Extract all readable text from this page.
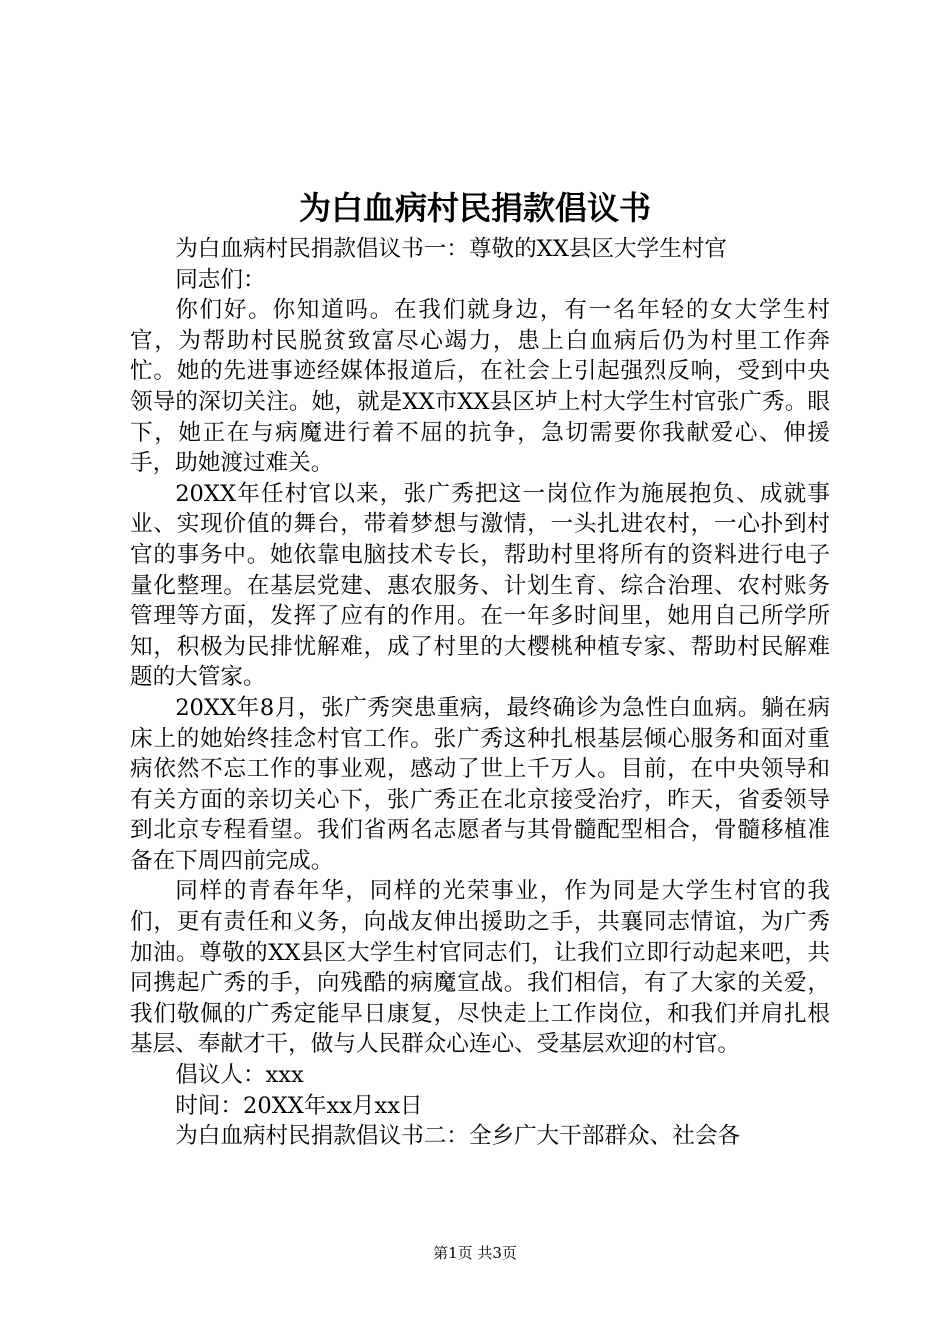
为白血病村民捐款倡议书

为白血病村民捐款倡议书一：尊敬的XX县区大学生村官

同志们：

你们好。你知道吗。在我们就身边，有一名年轻的女大学生村官，为帮助村民脱贫致富尽心竭力，患上白血病后仍为村里工作奔忙。她的先进事迹经媒体报道后，在社会上引起强烈反响，受到中央领导的深切关注。她，就是XX市XX县区垆上村大学生村官张广秀。眼下，她正在与病魔进行着不屈的抗争，急切需要你我献爱心、伸援手，助她渡过难关。

20XX年任村官以来，张广秀把这一岗位作为施展抱负、成就事业、实现价值的舞台，带着梦想与激情，一头扎进农村，一心扑到村官的事务中。她依靠电脑技术专长，帮助村里将所有的资料进行电子量化整理。在基层党建、惠农服务、计划生育、综合治理、农村账务管理等方面，发挥了应有的作用。在一年多时间里，她用自己所学所知，积极为民排忧解难，成了村里的大樱桃种植专家、帮助村民解难题的大管家。

20XX年8月，张广秀突患重病，最终确诊为急性白血病。躺在病床上的她始终挂念村官工作。张广秀这种扎根基层倾心服务和面对重病依然不忘工作的事业观，感动了世上千万人。目前，在中央领导和有关方面的亲切关心下，张广秀正在北京接受治疗，昨天，省委领导到北京专程看望。我们省两名志愿者与其骨髓配型相合，骨髓移植准备在下周四前完成。

同样的青春年华，同样的光荣事业，作为同是大学生村官的我们，更有责任和义务，向战友伸出援助之手，共襄同志情谊，为广秀加油。尊敬的XX县区大学生村官同志们，让我们立即行动起来吧，共同携起广秀的手，向残酷的病魔宣战。我们相信，有了大家的关爱，我们敬佩的广秀定能早日康复，尽快走上工作岗位，和我们并肩扎根基层、奉献才干，做与人民群众心连心、受基层欢迎的村官。

倡议人：xxx

时间：20XX年xx月xx日

为白血病村民捐款倡议书二：全乡广大干部群众、社会各

第1页 共3页
